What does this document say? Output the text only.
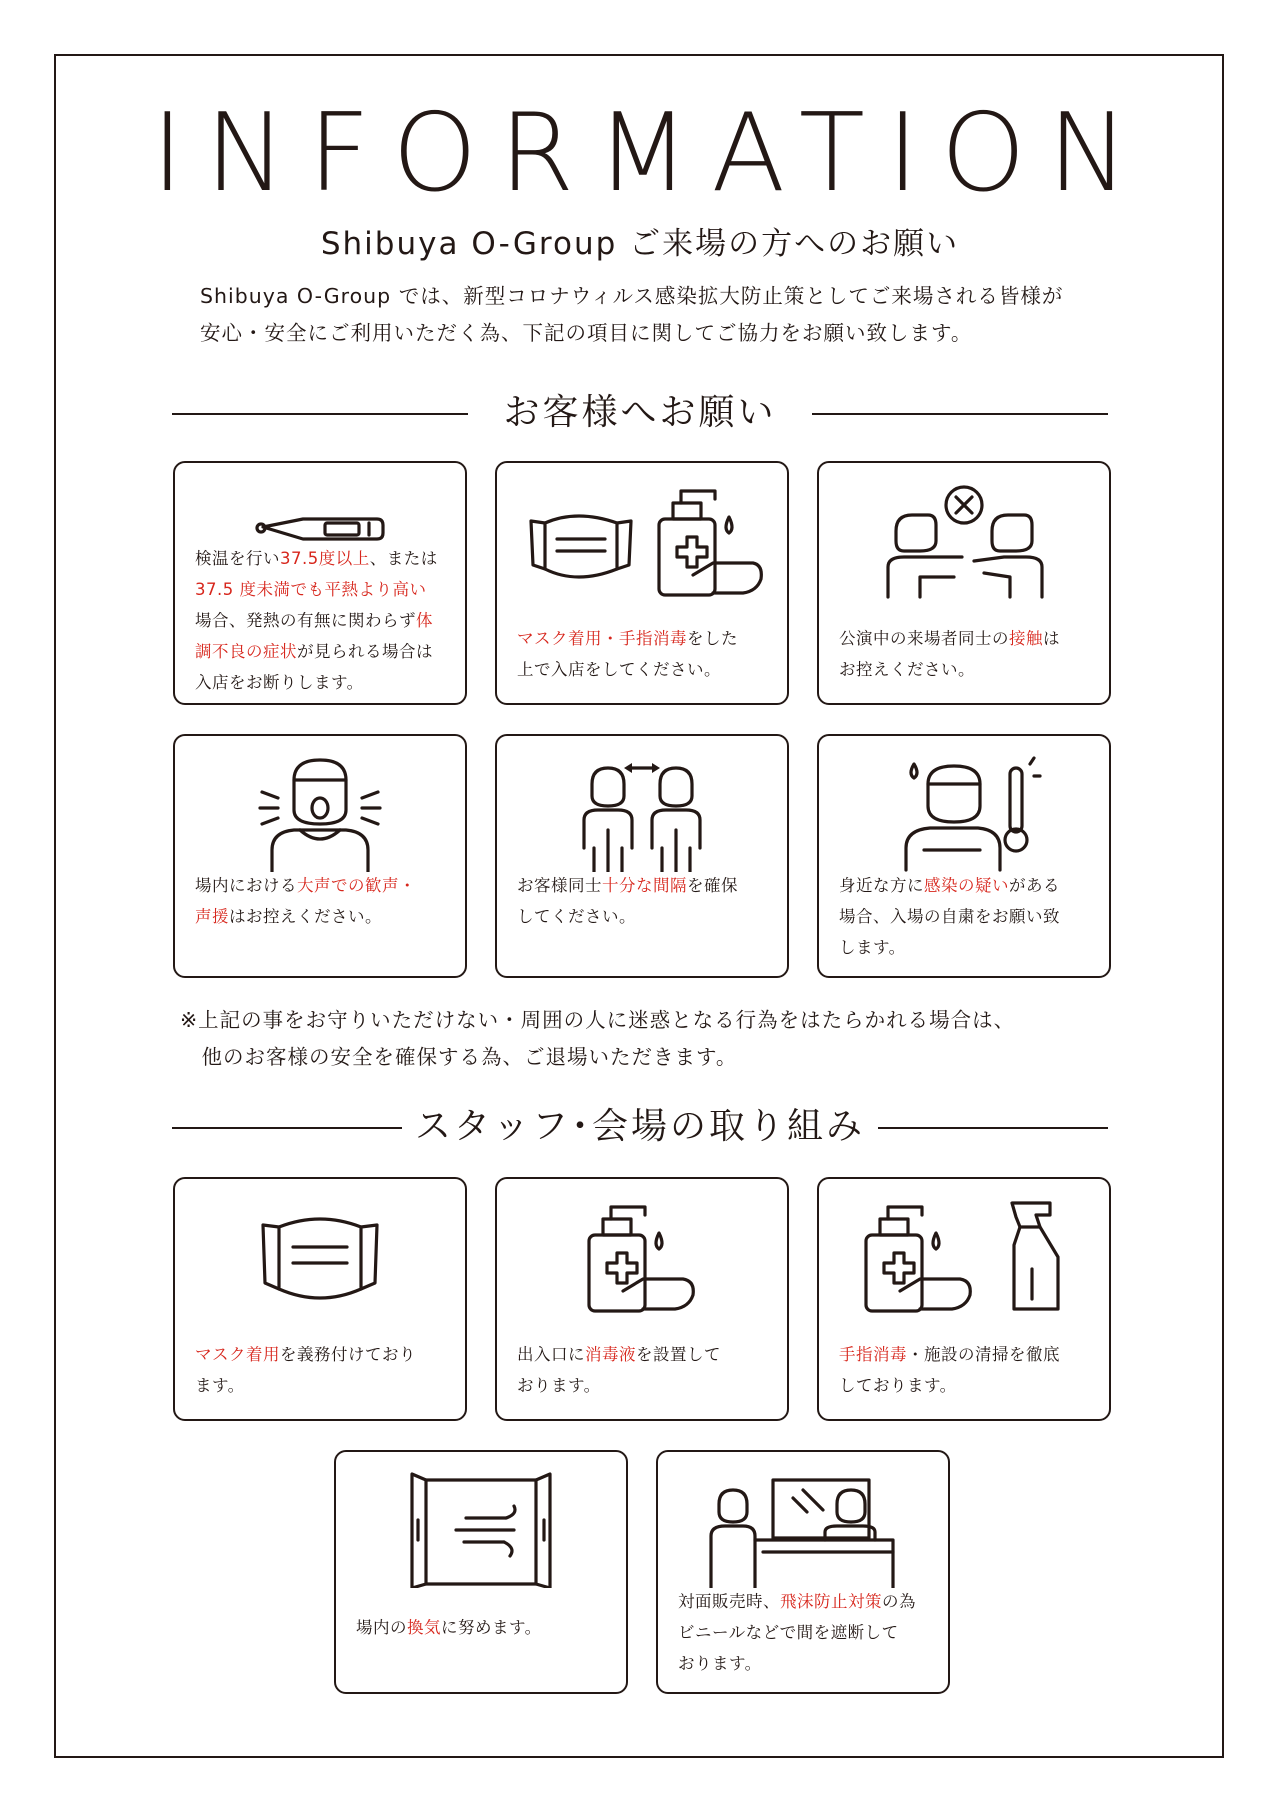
INFORMATION
Shibuya O-Group ご来場の方へのお願い
Shibuya O-Group では、新型コロナウィルス感染拡大防止策としてご来場される皆様が
安心・安全にご利用いただく為、下記の項目に関してご協力をお願い致します。
お客様へお願い
検温を行い37.5度以上、または
37.5 度未満でも平熱より高い
場合、発熱の有無に関わらず体
調不良の症状が見られる場合は
入店をお断りします。
マスク着用・手指消毒をした
上で入店をしてください。
公演中の来場者同士の接触は
お控えください。
場内における大声での歓声・
声援はお控えください。
お客様同士十分な間隔を確保
してください。
身近な方に感染の疑いがある
場合、入場の自粛をお願い致
します。
※上記の事をお守りいただけない・周囲の人に迷惑となる行為をはたらかれる場合は、
　他のお客様の安全を確保する為、ご退場いただきます。
スタッフ･会場の取り組み
マスク着用を義務付けており
ます。
出入口に消毒液を設置して
おります。
手指消毒・施設の清掃を徹底
しております。
場内の換気に努めます。
対面販売時、飛沫防止対策の為
ビニールなどで間を遮断して
おります。
